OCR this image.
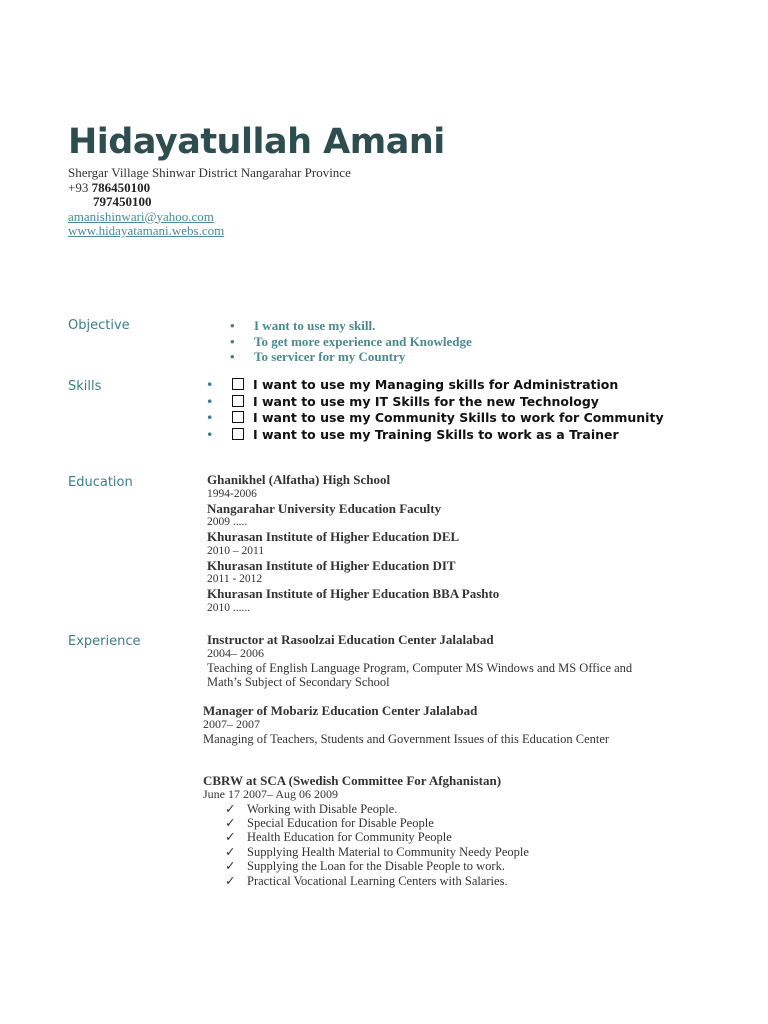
Hidayatullah Amani
Shergar Village Shinwar District Nangarahar Province
+93 786450100
797450100
amanishinwari@yahoo.com
www.hidayatamani.webs.com
Objective	• I want to use my skill.
• To get more experience and Knowledge
• To servicer for my Country
Skills	• I want to use my Managing skills for Administration
• I want to use my IT Skills for the new Technology
• I want to use my Community Skills to work for Community
• I want to use my Training Skills to work as a Trainer
Education	Ghanikhel (Alfatha) High School
1994-2006
Nangarahar University Education Faculty
2009 .....
Khurasan Institute of Higher Education DEL
2010 – 2011
Khurasan Institute of Higher Education DIT
2011 - 2012
Khurasan Institute of Higher Education BBA Pashto
2010 ......
Experience	Instructor at Rasoolzai Education Center Jalalabad
2004– 2006
Teaching of English Language Program, Computer MS Windows and MS Office and
Math’s Subject of Secondary School
Manager of Mobariz Education Center Jalalabad
2007– 2007
Managing of Teachers, Students and Government Issues of this Education Center
CBRW at SCA (Swedish Committee For Afghanistan)
June 17 2007– Aug 06 2009
✓ Working with Disable People.
✓ Special Education for Disable People
✓ Health Education for Community People
✓ Supplying Health Material to Community Needy People
✓ Supplying the Loan for the Disable People to work.
✓ Practical Vocational Learning Centers with Salaries.
